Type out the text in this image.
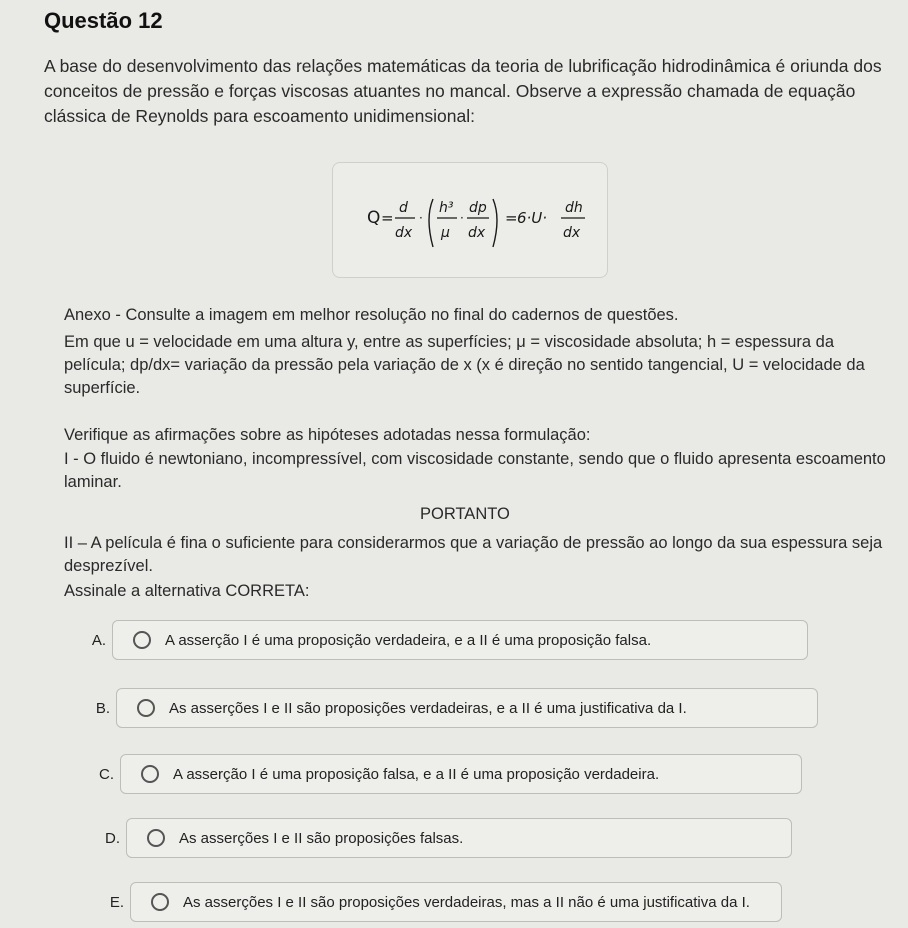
Questão 12
A base do desenvolvimento das relações matemáticas da teoria de lubrificação hidrodinâmica é oriunda dos conceitos de pressão e forças viscosas atuantes no mancal. Observe a expressão chamada de equação clássica de Reynolds para escoamento unidimensional:
Q =
d
dx
·
h³
μ
·
dp
dx
= 6·U·
dh
dx
Anexo - Consulte a imagem em melhor resolução no final do cadernos de questões.
Em que u = velocidade em uma altura y, entre as superfícies; μ = viscosidade absoluta; h = espessura da película; dp/dx= variação da pressão pela variação de x (x é direção no sentido tangencial, U = velocidade da superfície.
Verifique as afirmações sobre as hipóteses adotadas nessa formulação:
I - O fluido é newtoniano, incompressível, com viscosidade constante, sendo que o fluido apresenta escoamento laminar.
PORTANTO
II – A película é fina o suficiente para considerarmos que a variação de pressão ao longo da sua espessura seja desprezível.
Assinale a alternativa CORRETA:
A.	A asserção I é uma proposição verdadeira, e a II é uma proposição falsa.
B.	As asserções I e II são proposições verdadeiras, e a II é uma justificativa da I.
C.	A asserção I é uma proposição falsa, e a II é uma proposição verdadeira.
D.	As asserções I e II são proposições falsas.
E.	As asserções I e II são proposições verdadeiras, mas a II não é uma justificativa da I.
